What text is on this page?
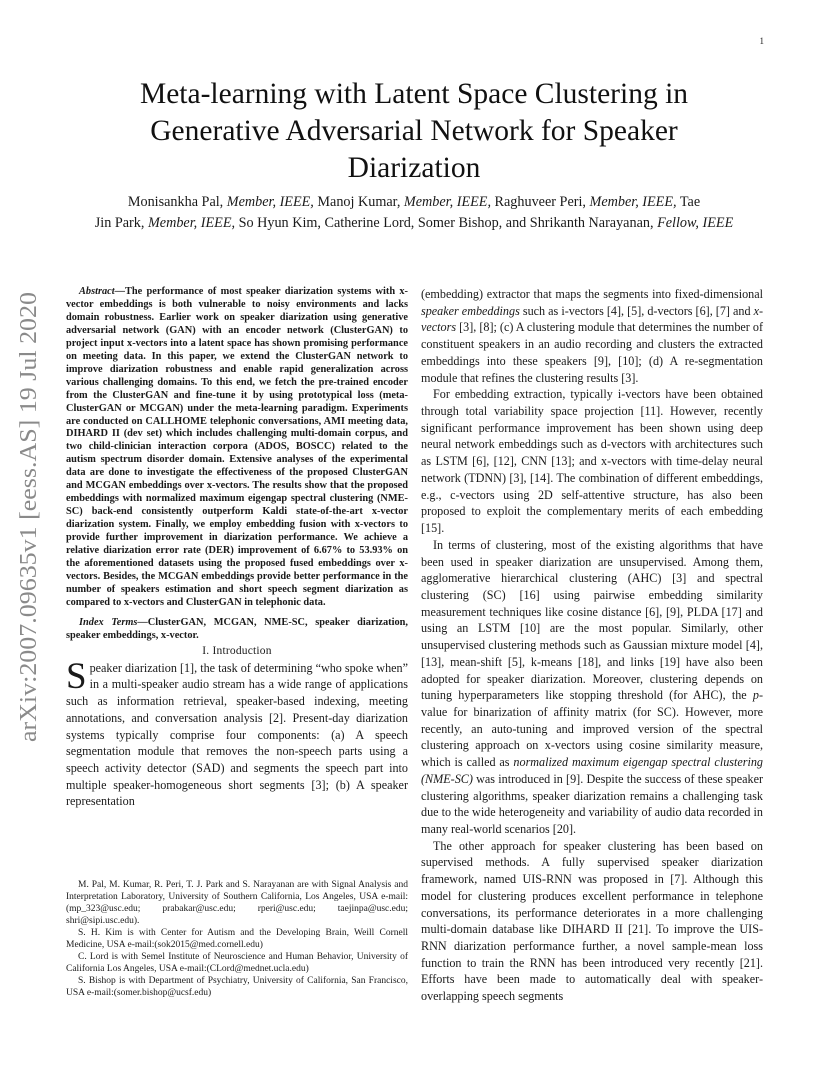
1
arXiv:2007.09635v1 [eess.AS] 19 Jul 2020
Meta-learning with Latent Space Clustering in
Generative Adversarial Network for Speaker
Diarization
Monisankha Pal, Member, IEEE, Manoj Kumar, Member, IEEE, Raghuveer Peri, Member, IEEE, Tae
Jin Park, Member, IEEE, So Hyun Kim, Catherine Lord, Somer Bishop, and Shrikanth Narayanan, Fellow, IEEE

Abstract—The performance of most speaker diarization systems with x-vector embeddings is both vulnerable to noisy environments and lacks domain robustness. Earlier work on speaker diarization using generative adversarial network (GAN) with an encoder network (ClusterGAN) to project input x-vectors into a latent space has shown promising performance on meeting data. In this paper, we extend the ClusterGAN network to improve diarization robustness and enable rapid generalization across various challenging domains. To this end, we fetch the pre-trained encoder from the ClusterGAN and fine-tune it by using prototypical loss (meta-ClusterGAN or MCGAN) under the meta-learning paradigm. Experiments are conducted on CALLHOME telephonic conversations, AMI meeting data, DIHARD II (dev set) which includes challenging multi-domain corpus, and two child-clinician interaction corpora (ADOS, BOSCC) related to the autism spectrum disorder domain. Extensive analyses of the experimental data are done to investigate the effectiveness of the proposed ClusterGAN and MCGAN embeddings over x-vectors. The results show that the proposed embeddings with normalized maximum eigengap spectral clustering (NME-SC) back-end consistently outperform Kaldi state-of-the-art x-vector diarization system. Finally, we employ embedding fusion with x-vectors to provide further improvement in diarization performance. We achieve a relative diarization error rate (DER) improvement of 6.67% to 53.93% on the aforementioned datasets using the proposed fused embeddings over x-vectors. Besides, the MCGAN embeddings provide better performance in the number of speakers estimation and short speech segment diarization as compared to x-vectors and ClusterGAN in telephonic data.

Index Terms—ClusterGAN, MCGAN, NME-SC, speaker diarization, speaker embeddings, x-vector.

I. Introduction

Speaker diarization [1], the task of determining “who spoke when” in a multi-speaker audio stream has a wide range of applications such as information retrieval, speaker-based indexing, meeting annotations, and conversation analysis [2]. Present-day diarization systems typically comprise four components: (a) A speech segmentation module that removes the non-speech parts using a speech activity detector (SAD) and segments the speech part into multiple speaker-homogeneous short segments [3]; (b) A speaker representation

M. Pal, M. Kumar, R. Peri, T. J. Park and S. Narayanan are with Signal Analysis and Interpretation Laboratory, University of Southern California, Los Angeles, USA e-mail: (mp_323@usc.edu; prabakar@usc.edu; rperi@usc.edu; taejinpa@usc.edu; shri@sipi.usc.edu).

S. H. Kim is with Center for Autism and the Developing Brain, Weill Cornell Medicine, USA e-mail:(sok2015@med.cornell.edu)

C. Lord is with Semel Institute of Neuroscience and Human Behavior, University of California Los Angeles, USA e-mail:(CLord@mednet.ucla.edu)

S. Bishop is with Department of Psychiatry, University of California, San Francisco, USA e-mail:(somer.bishop@ucsf.edu)

(embedding) extractor that maps the segments into fixed-dimensional speaker embeddings such as i-vectors [4], [5], d-vectors [6], [7] and x-vectors [3], [8]; (c) A clustering module that determines the number of constituent speakers in an audio recording and clusters the extracted embeddings into these speakers [9], [10]; (d) A re-segmentation module that refines the clustering results [3].

For embedding extraction, typically i-vectors have been obtained through total variability space projection [11]. However, recently significant performance improvement has been shown using deep neural network embeddings such as d-vectors with architectures such as LSTM [6], [12], CNN [13]; and x-vectors with time-delay neural network (TDNN) [3], [14]. The combination of different embeddings, e.g., c-vectors using 2D self-attentive structure, has also been proposed to exploit the complementary merits of each embedding [15].

In terms of clustering, most of the existing algorithms that have been used in speaker diarization are unsupervised. Among them, agglomerative hierarchical clustering (AHC) [3] and spectral clustering (SC) [16] using pairwise embedding similarity measurement techniques like cosine distance [6], [9], PLDA [17] and using an LSTM [10] are the most popular. Similarly, other unsupervised clustering methods such as Gaussian mixture model [4], [13], mean-shift [5], k-means [18], and links [19] have also been adopted for speaker diarization. Moreover, clustering depends on tuning hyperparameters like stopping threshold (for AHC), the p-value for binarization of affinity matrix (for SC). However, more recently, an auto-tuning and improved version of the spectral clustering approach on x-vectors using cosine similarity measure, which is called as normalized maximum eigengap spectral clustering (NME-SC) was introduced in [9]. Despite the success of these speaker clustering algorithms, speaker diarization remains a challenging task due to the wide heterogeneity and variability of audio data recorded in many real-world scenarios [20].

The other approach for speaker clustering has been based on supervised methods. A fully supervised speaker diarization framework, named UIS-RNN was proposed in [7]. Although this model for clustering produces excellent performance in telephone conversations, its performance deteriorates in a more challenging multi-domain database like DIHARD II [21]. To improve the UIS-RNN diarization performance further, a novel sample-mean loss function to train the RNN has been introduced very recently [21]. Efforts have been made to automatically deal with speaker-overlapping speech segments
